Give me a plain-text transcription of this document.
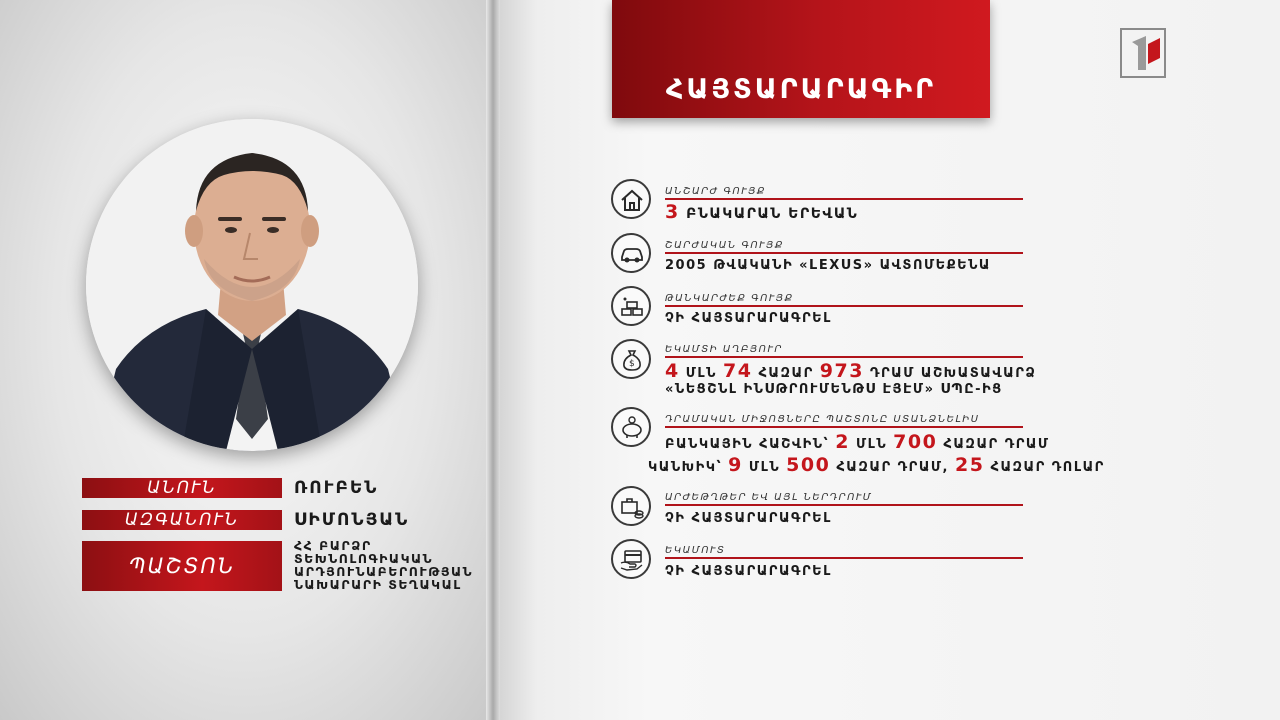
ԱՆՈՒՆ	ՌՈՒԲԵՆ
ԱԶԳԱՆՈՒՆ	ՍԻՄՈՆՅԱՆ
ՊԱՇՏՈՆ
ՀՀ ԲԱՐՁՐ
ՏԵԽՆՈԼՈԳԻԱԿԱՆ
ԱՐԴՅՈՒՆԱԲԵՐՈՒԹՅԱՆ
ՆԱԽԱՐԱՐԻ ՏԵՂԱԿԱԼ
ՀԱՅՏԱՐԱՐԱԳԻՐ
ԱՆՇԱՐԺ ԳՈՒՅՔ
3 ԲՆԱԿԱՐԱՆ ԵՐԵՎԱՆ
ՇԱՐԺԱԿԱՆ ԳՈՒՅՔ
2005 ԹՎԱԿԱՆԻ «LEXUS» ԱՎՏՈՄԵՔԵՆԱ
ԹԱՆԿԱՐԺԵՔ ԳՈՒՅՔ
ՉԻ ՀԱՅՏԱՐԱՐԱԳՐԵԼ
$
ԵԿԱՄՏԻ ԱՂԲՅՈՒՐ
4 ՄԼՆ 74 ՀԱԶԱՐ 973 ԴՐԱՄ ԱՇԽԱՏԱՎԱՐՁ
«ՆԵՑՇՆԼ ԻՆՍԹՐՈՒՄԵՆԹՍ ԷՅԷՄ» ՍՊԸ-ԻՑ
ԴՐԱՄԱԿԱՆ ՄԻՋՈՑՆԵՐԸ ՊԱՇՏՈՆԸ ՍՏԱՆՁՆԵԼԻՍ
ԲԱՆԿԱՅԻՆ ՀԱՇՎԻՆ՝ 2 ՄԼՆ 700 ՀԱԶԱՐ ԴՐԱՄ
ԿԱՆԽԻԿ՝ 9 ՄԼՆ 500 ՀԱԶԱՐ ԴՐԱՄ, 25 ՀԱԶԱՐ ԴՈԼԱՐ
ԱՐԺԵԹՂԹԵՐ ԵՎ ԱՅԼ ՆԵՐԴՐՈՒՄ
ՉԻ ՀԱՅՏԱՐԱՐԱԳՐԵԼ
ԵԿԱՄՈՒՏ
ՉԻ ՀԱՅՏԱՐԱՐԱԳՐԵԼ
